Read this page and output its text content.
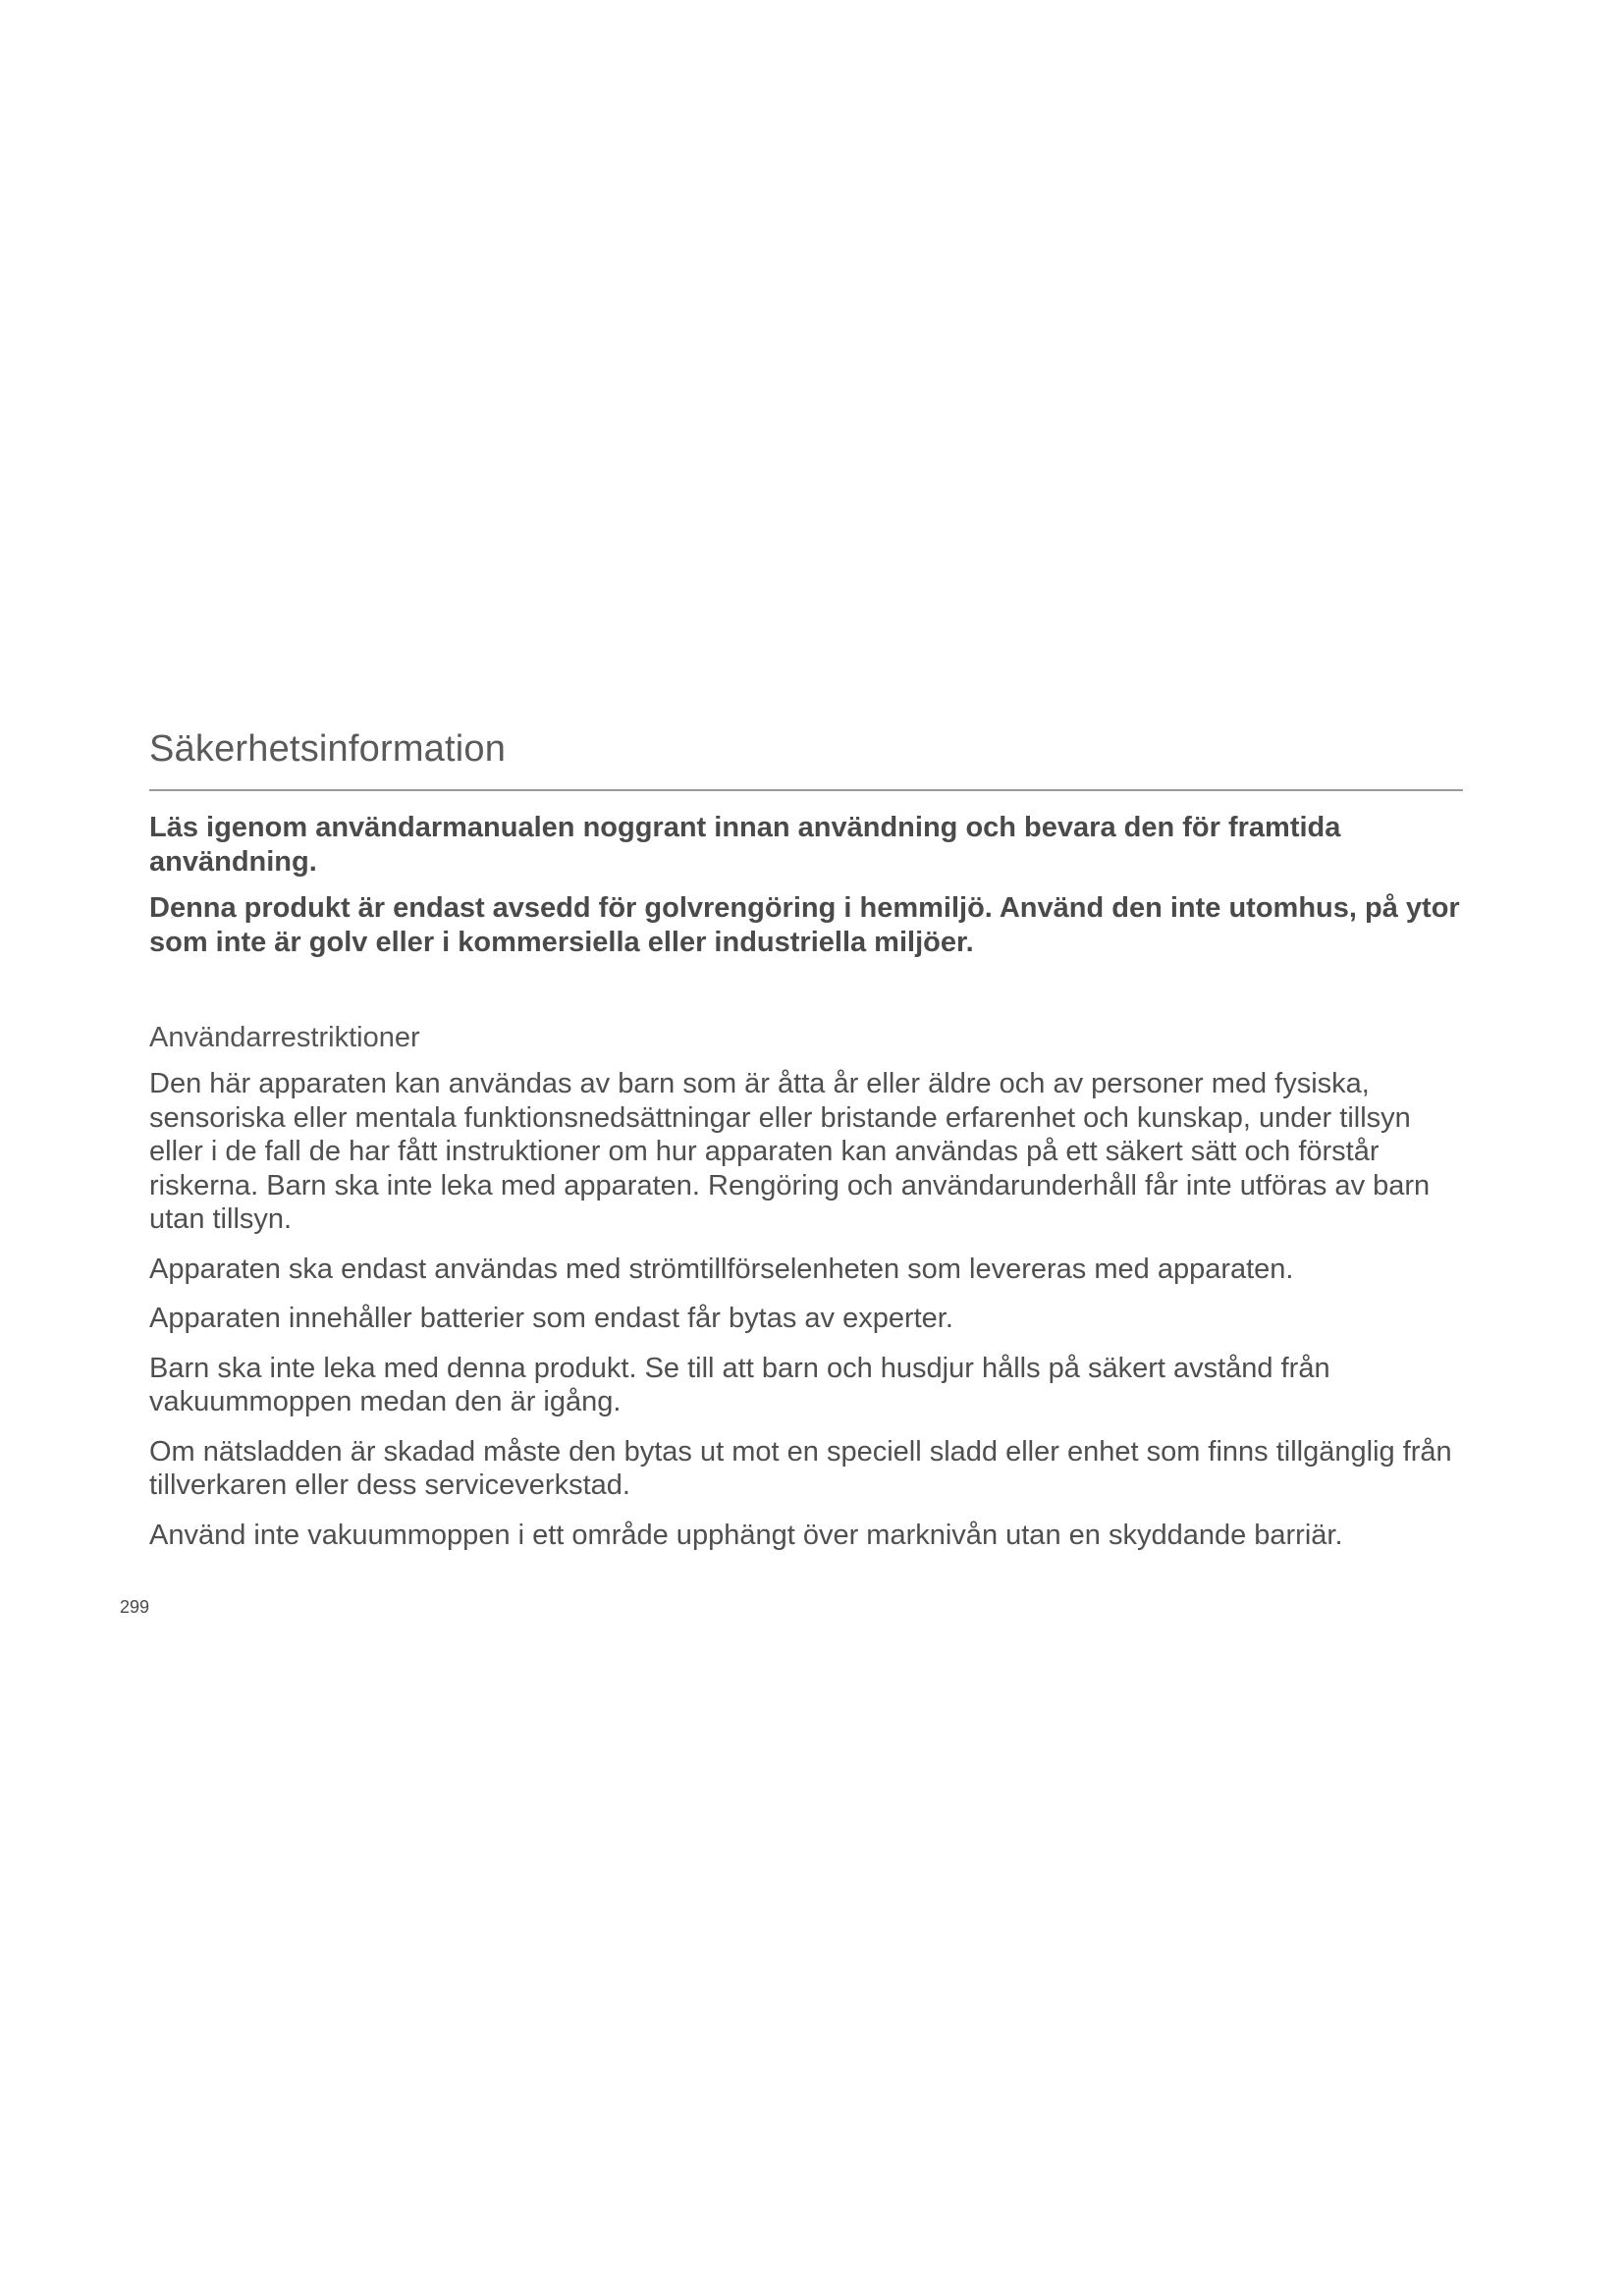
Säkerhetsinformation

Läs igenom användarmanualen noggrant innan användning och bevara den för framtida användning.

Denna produkt är endast avsedd för golvrengöring i hemmiljö. Använd den inte utomhus, på ytor som inte är golv eller i kommersiella eller industriella miljöer.

Användarrestriktioner

Den här apparaten kan användas av barn som är åtta år eller äldre och av personer med fysiska, sensoriska eller mentala funktionsnedsättningar eller bristande erfarenhet och kunskap, under tillsyn eller i de fall de har fått instruktioner om hur apparaten kan användas på ett säkert sätt och förstår riskerna. Barn ska inte leka med apparaten. Rengöring och användarunderhåll får inte utföras av barn utan tillsyn.

Apparaten ska endast användas med strömtillförselenheten som levereras med apparaten.

Apparaten innehåller batterier som endast får bytas av experter.

Barn ska inte leka med denna produkt. Se till att barn och husdjur hålls på säkert avstånd från vakuummoppen medan den är igång.

Om nätsladden är skadad måste den bytas ut mot en speciell sladd eller enhet som finns tillgänglig från tillverkaren eller dess serviceverkstad.

Använd inte vakuummoppen i ett område upphängt över marknivån utan en skyddande barriär.

299
